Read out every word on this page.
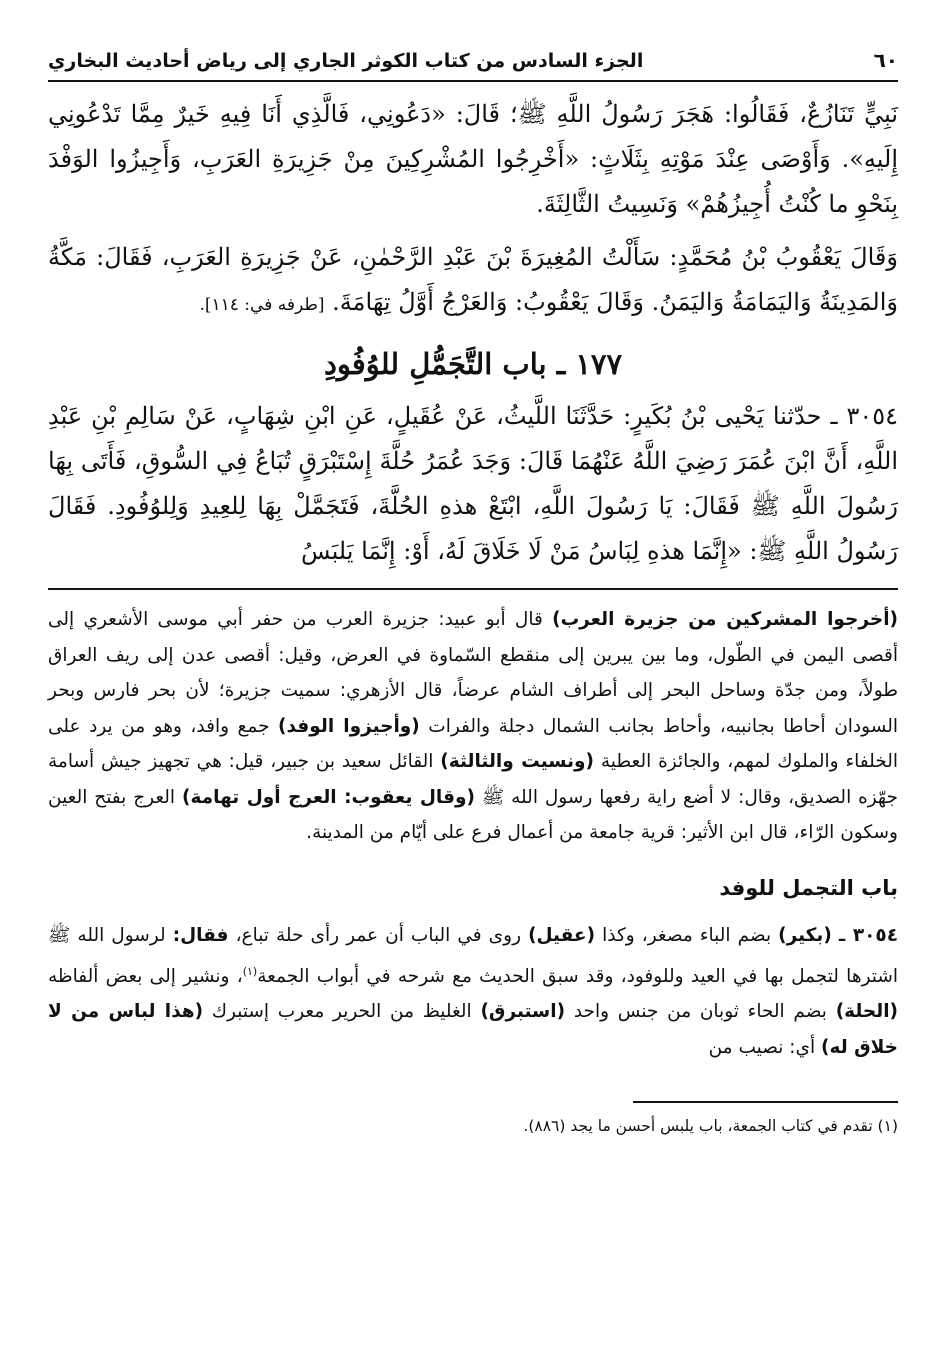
٦٠
الجزء السادس من كتاب الكوثر الجاري إلى رياض أحاديث البخاري

نَبِيٍّ تَنَازُعٌ، فَقَالُوا: هَجَرَ رَسُولُ اللَّهِ ﷺ؛ قَالَ: «دَعُونِي، فَالَّذِي أَنَا فِيهِ خَيرٌ مِمَّا تَدْعُونِي إِلَيهِ». وَأَوْصَى عِنْدَ مَوْتِهِ بِثَلَاثٍ: «أَخْرِجُوا المُشْرِكِينَ مِنْ جَزِيرَةِ العَرَبِ، وَأَجِيزُوا الوَفْدَ بِنَحْوِ ما كُنْتُ أُجِيزُهُمْ» وَنَسِيتُ الثَّالِثَةَ.

وَقَالَ يَعْقُوبُ بْنُ مُحَمَّدٍ: سَأَلْتُ المُغِيرَةَ بْنَ عَبْدِ الرَّحْمٰنِ، عَنْ جَزِيرَةِ العَرَبِ، فَقَالَ: مَكَّةُ وَالمَدِينَةُ وَاليَمَامَةُ وَاليَمَنُ. وَقَالَ يَعْقُوبُ: وَالعَرْجُ أَوَّلُ تِهَامَةَ. [طرفه في: ١١٤].

١٧٧ ـ باب التَّجَمُّلِ للوُفُودِ

٣٠٥٤ ـ حدّثنا يَحْيى بْنُ بُكَيرٍ: حَدَّثَنَا اللَّيثُ، عَنْ عُقَيلٍ، عَنِ ابْنِ شِهَابٍ، عَنْ سَالِمِ بْنِ عَبْدِ اللَّهِ، أَنَّ ابْنَ عُمَرَ رَضِيَ اللَّهُ عَنْهُمَا قَالَ: وَجَدَ عُمَرُ حُلَّةَ إِسْتَبْرَقٍ تُبَاعُ فِي السُّوقِ، فَأَتَى بِهَا رَسُولَ اللَّهِ ﷺ فَقَالَ: يَا رَسُولَ اللَّهِ، ابْتَعْ هذهِ الحُلَّةَ، فَتَجَمَّلْ بِهَا لِلعِيدِ وَلِلوُفُودِ. فَقَالَ رَسُولُ اللَّهِ ﷺ: «إِنَّمَا هذهِ لِبَاسُ مَنْ لَا خَلَاقَ لَهُ، أَوْ: إِنَّمَا يَلبَسُ

(أخرجوا المشركين من جزيرة العرب) قال أبو عبيد: جزيرة العرب من حفر أبي موسى الأشعري إلى أقصى اليمن في الطّول، وما بين يبرين إلى منقطع السّماوة في العرض، وقيل: أقصى عدن إلى ريف العراق طولاً، ومن جدّة وساحل البحر إلى أطراف الشام عرضاً، قال الأزهري: سميت جزيرة؛ لأن بحر فارس وبحر السودان أحاطا بجانبيه، وأحاط بجانب الشمال دجلة والفرات (وأجيزوا الوفد) جمع وافد، وهو من يرد على الخلفاء والملوك لمهم، والجائزة العطية (ونسيت والثالثة) القائل سعيد بن جبير، قيل: هي تجهيز جيش أسامة جهّزه الصديق، وقال: لا أضع راية رفعها رسول الله ﷺ (وقال يعقوب: العرج أول تهامة) العرج بفتح العين وسكون الرّاء، قال ابن الأثير: قرية جامعة من أعمال فرع على أيّام من المدينة.

باب التجمل للوفد

٣٠٥٤ ـ (بكير) بضم الباء مصغر، وكذا (عقيل) روى في الباب أن عمر رأى حلة تباع، فقال: لرسول الله ﷺ اشترها لتجمل بها في العيد وللوفود، وقد سبق الحديث مع شرحه في أبواب الجمعة$^{(١)}$، ونشير إلى بعض ألفاظه (الحلة) بضم الحاء ثوبان من جنس واحد (استبرق) الغليظ من الحرير معرب إستبرك (هذا لباس من لا خلاق له) أي: نصيب من

(١) تقدم في كتاب الجمعة، باب يلبس أحسن ما يجد (٨٨٦).
